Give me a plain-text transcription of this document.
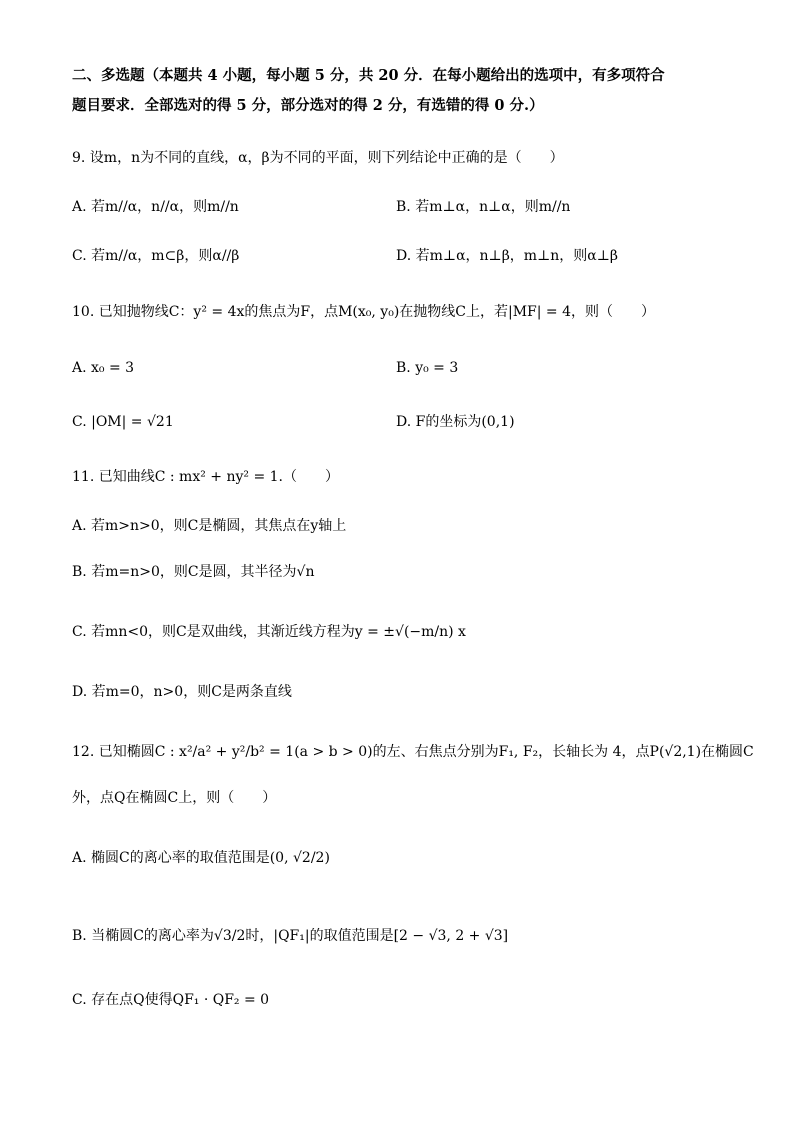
二、多选题（本题共 4 小题，每小题 5 分，共 20 分．在每小题给出的选项中，有多项符合
题目要求．全部选对的得 5 分，部分选对的得 2 分，有选错的得 0 分.）
9. 设m，n为不同的直线，α，β为不同的平面，则下列结论中正确的是（　　）
A. 若m//α，n//α，则m//n	B. 若m⊥α，n⊥α，则m//n
C. 若m//α，m⊂β，则α//β	D. 若m⊥α，n⊥β，m⊥n，则α⊥β
10. 已知抛物线C：y² = 4x的焦点为F，点M(x₀, y₀)在抛物线C上，若|MF| = 4，则（　　）
A. x₀ = 3	B. y₀ = 3
C. |OM| = √21	D. F的坐标为(0,1)
11. 已知曲线C : mx² + ny² = 1.（　　）
A. 若m>n>0，则C是椭圆，其焦点在y轴上
B. 若m=n>0，则C是圆，其半径为√n
C. 若mn<0，则C是双曲线，其渐近线方程为y = ±√(−m/n) x
D. 若m=0，n>0，则C是两条直线
12. 已知椭圆C : x²/a² + y²/b² = 1(a > b > 0)的左、右焦点分别为F₁, F₂，长轴长为 4，点P(√2,1)在椭圆C
外，点Q在椭圆C上，则（　　）
A. 椭圆C的离心率的取值范围是(0, √2/2)
B. 当椭圆C的离心率为√3/2时，|QF₁|的取值范围是[2 − √3, 2 + √3]
C. 存在点Q使得QF₁ · QF₂ = 0
